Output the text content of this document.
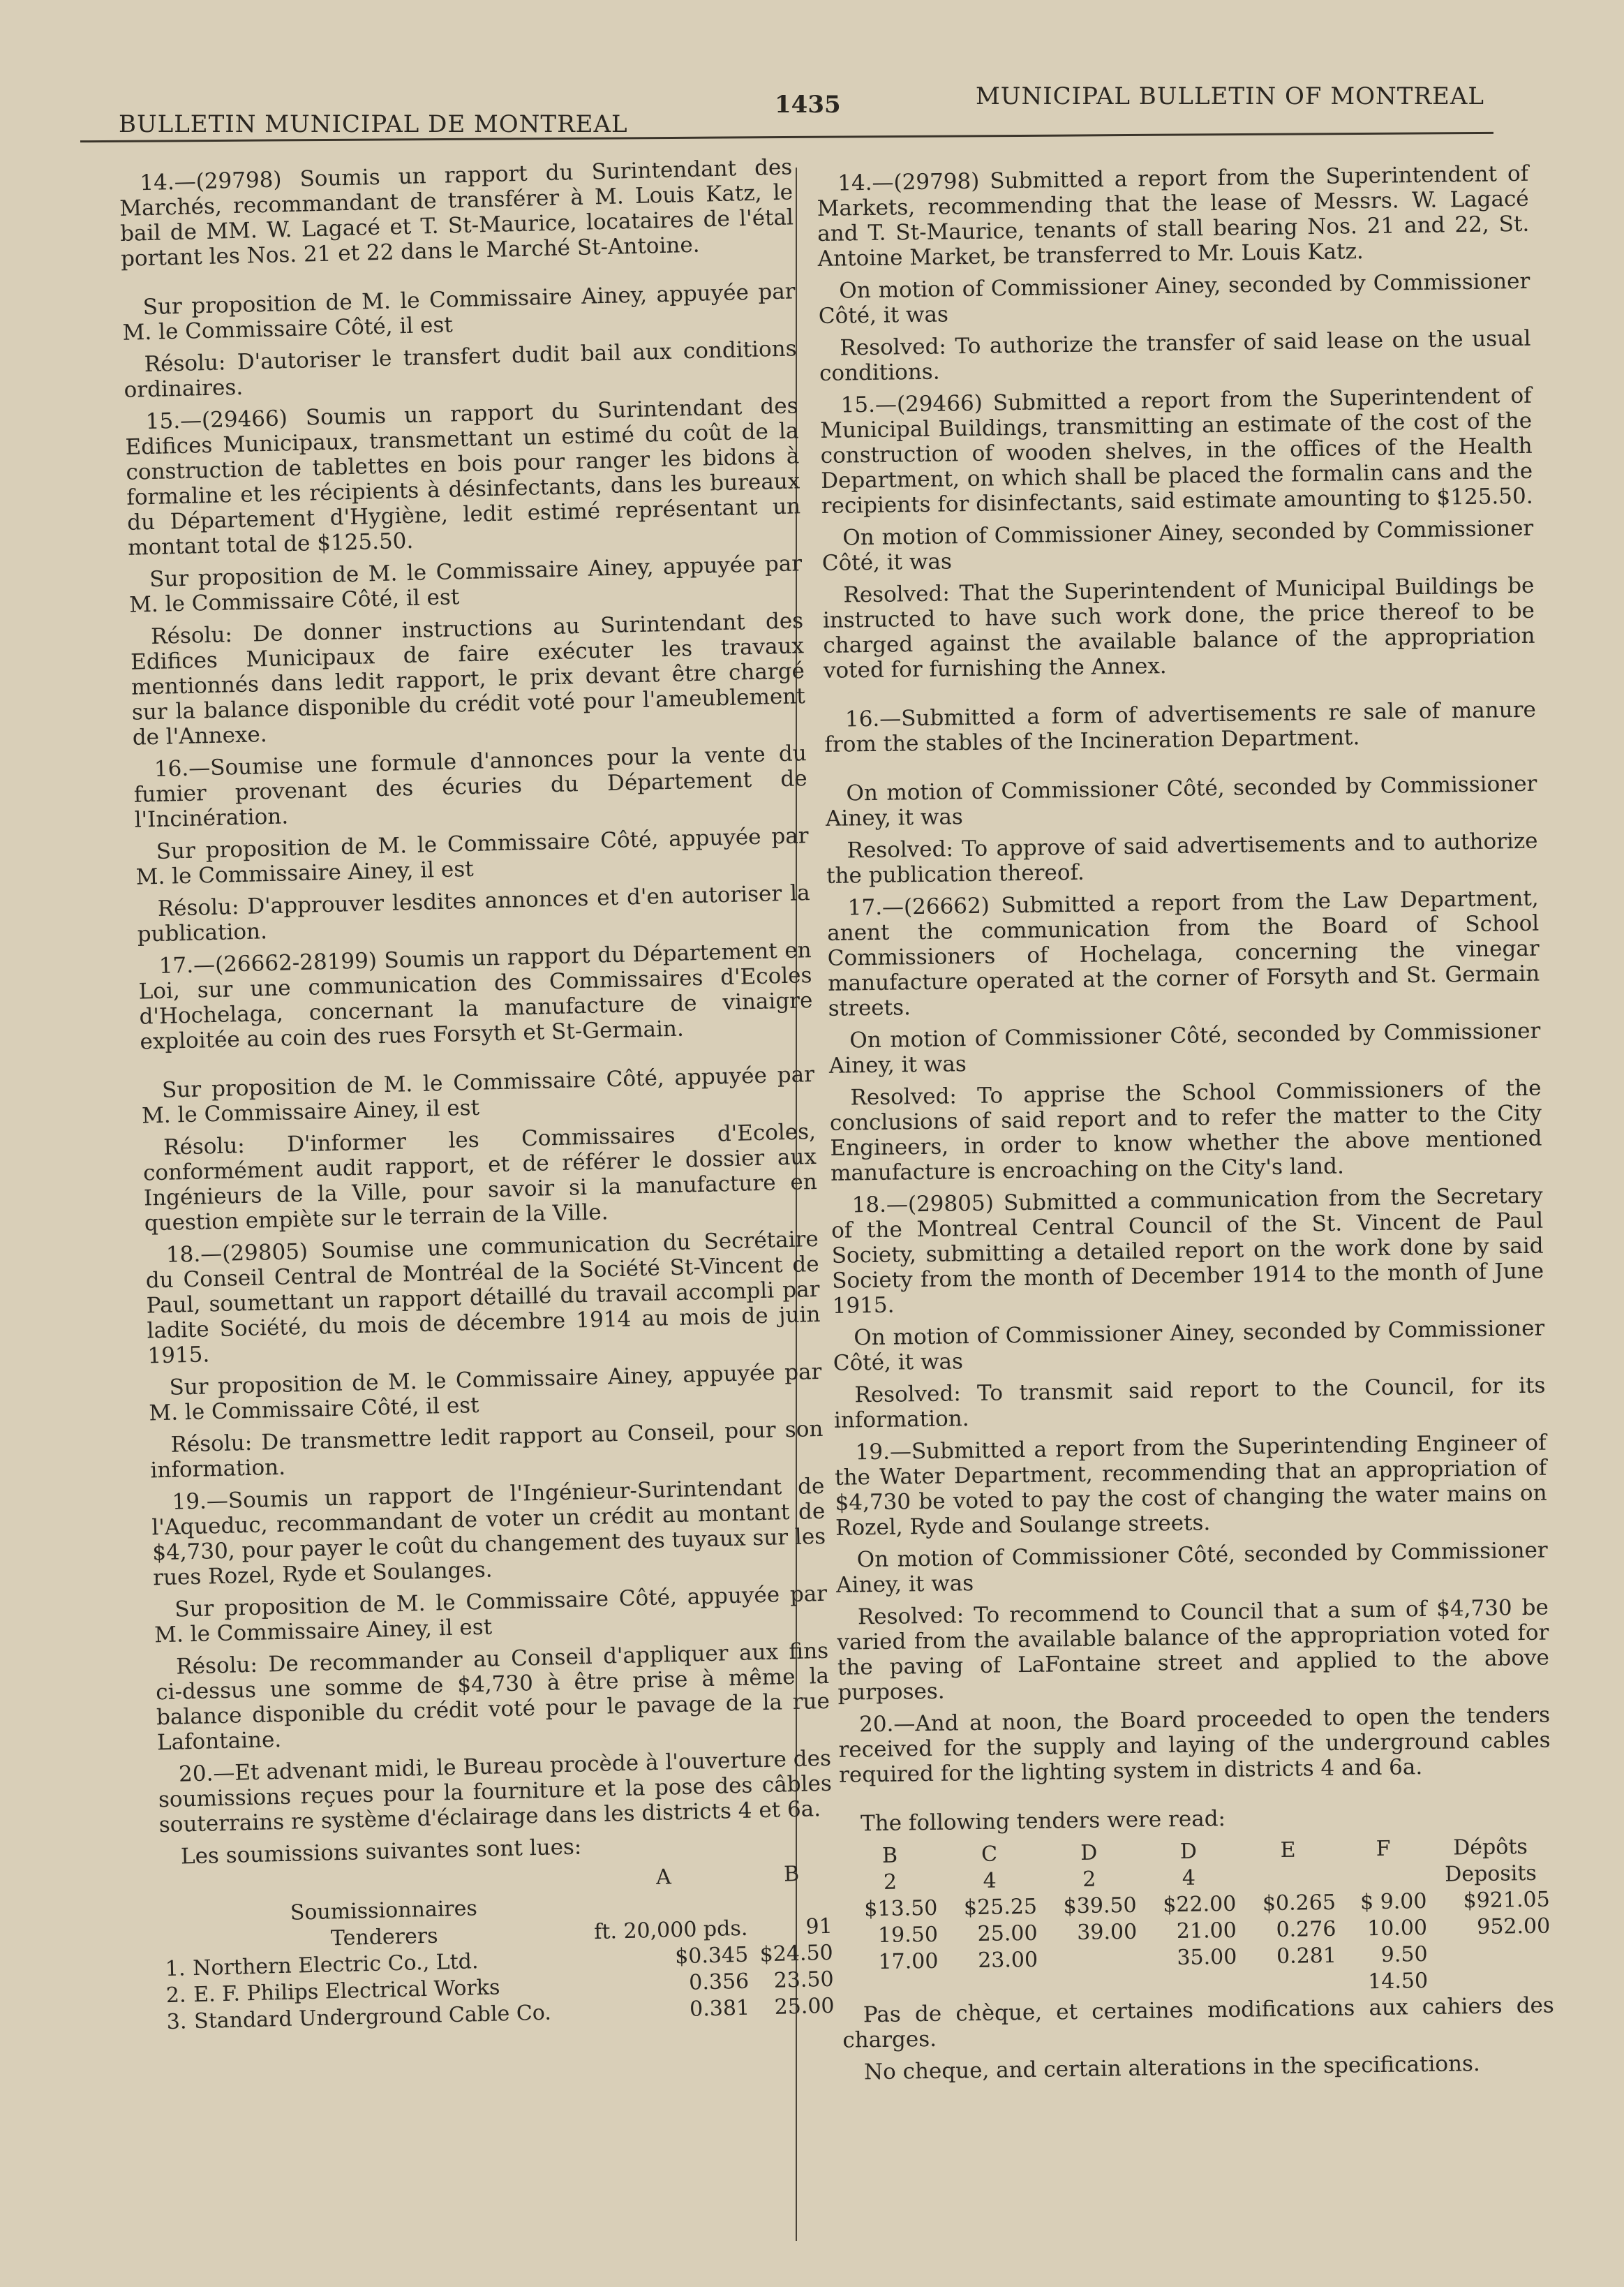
BULLETIN MUNICIPAL DE MONTREAL
1435	MUNICIPAL BULLETIN OF MONTREAL

14.—(29798) Soumis un rapport du Surintendant des Marchés, recommandant de transférer à M. Louis Katz, le bail de MM. W. Lagacé et T. St-Maurice, locataires de l'étal portant les Nos. 21 et 22 dans le Marché St-Antoine.

Sur proposition de M. le Commissaire Ainey, appuyée par M. le Commissaire Côté, il est

Résolu: D'autoriser le transfert dudit bail aux conditions ordinaires.

15.—(29466) Soumis un rapport du Surintendant des Edifices Municipaux, transmettant un estimé du coût de la construction de tablettes en bois pour ranger les bidons à formaline et les récipients à désinfectants, dans les bureaux du Département d'Hygiène, ledit estimé représentant un montant total de $125.50.

Sur proposition de M. le Commissaire Ainey, appuyée par M. le Commissaire Côté, il est

Résolu: De donner instructions au Surintendant des Edifices Municipaux de faire exécuter les travaux mentionnés dans ledit rapport, le prix devant être chargé sur la balance disponible du crédit voté pour l'ameublement de l'Annexe.

16.—Soumise une formule d'annonces pour la vente du fumier provenant des écuries du Département de l'Incinération.

Sur proposition de M. le Commissaire Côté, appuyée par M. le Commissaire Ainey, il est

Résolu: D'approuver lesdites annonces et d'en autoriser la publication.

17.—(26662-28199) Soumis un rapport du Département en Loi, sur une communication des Commissaires d'Ecoles d'Hochelaga, concernant la manufacture de vinaigre exploitée au coin des rues Forsyth et St-Germain.

Sur proposition de M. le Commissaire Côté, appuyée par M. le Commissaire Ainey, il est

Résolu: D'informer les Commissaires d'Ecoles, conformément audit rapport, et de référer le dossier aux Ingénieurs de la Ville, pour savoir si la manufacture en question empiète sur le terrain de la Ville.

18.—(29805) Soumise une communication du Secrétaire du Conseil Central de Montréal de la Société St-Vincent de Paul, soumettant un rapport détaillé du travail accompli par ladite Société, du mois de décembre 1914 au mois de juin 1915.

Sur proposition de M. le Commissaire Ainey, appuyée par M. le Commissaire Côté, il est

Résolu: De transmettre ledit rapport au Conseil, pour son information.

19.—Soumis un rapport de l'Ingénieur-Surintendant de l'Aqueduc, recommandant de voter un crédit au montant de $4,730, pour payer le coût du changement des tuyaux sur les rues Rozel, Ryde et Soulanges.

Sur proposition de M. le Commissaire Côté, appuyée par M. le Commissaire Ainey, il est

Résolu: De recommander au Conseil d'appliquer aux fins ci-dessus une somme de $4,730 à être prise à même la balance disponible du crédit voté pour le pavage de la rue Lafontaine.

20.—Et advenant midi, le Bureau procède à l'ouverture des soumissions reçues pour la fourniture et la pose des câbles souterrains re système d'éclairage dans les districts 4 et 6a.

Les soumissions suivantes sont lues:

		A	B
	Soumissionnaires		
	Tenderers	ft. 20,000 pds.	91
1.	Northern Electric Co., Ltd.	$0.345	$24.50
2.	E. F. Philips Electrical Works	0.356	23.50
3.	Standard Underground Cable Co.	0.381	25.00

14.—(29798) Submitted a report from the Superintendent of Markets, recommending that the lease of Messrs. W. Lagacé and T. St-Maurice, tenants of stall bearing Nos. 21 and 22, St. Antoine Market, be transferred to Mr. Louis Katz.

On motion of Commissioner Ainey, seconded by Commissioner Côté, it was

Resolved: To authorize the transfer of said lease on the usual conditions.

15.—(29466) Submitted a report from the Superintendent of Municipal Buildings, transmitting an estimate of the cost of the construction of wooden shelves, in the offices of the Health Department, on which shall be placed the formalin cans and the recipients for disinfectants, said estimate amounting to $125.50.

On motion of Commissioner Ainey, seconded by Commissioner Côté, it was

Resolved: That the Superintendent of Municipal Buildings be instructed to have such work done, the price thereof to be charged against the available balance of the appropriation voted for furnishing the Annex.

16.—Submitted a form of advertisements re sale of manure from the stables of the Incineration Department.

On motion of Commissioner Côté, seconded by Commissioner Ainey, it was

Resolved: To approve of said advertisements and to authorize the publication thereof.

17.—(26662) Submitted a report from the Law Department, anent the communication from the Board of School Commissioners of Hochelaga, concerning the vinegar manufacture operated at the corner of Forsyth and St. Germain streets.

On motion of Commissioner Côté, seconded by Commissioner Ainey, it was

Resolved: To apprise the School Commissioners of the conclusions of said report and to refer the matter to the City Engineers, in order to know whether the above mentioned manufacture is encroaching on the City's land.

18.—(29805) Submitted a communication from the Secretary of the Montreal Central Council of the St. Vincent de Paul Society, submitting a detailed report on the work done by said Society from the month of December 1914 to the month of June 1915.

On motion of Commissioner Ainey, seconded by Commissioner Côté, it was

Resolved: To transmit said report to the Council, for its information.

19.—Submitted a report from the Superintending Engineer of the Water Department, recommending that an appropriation of $4,730 be voted to pay the cost of changing the water mains on Rozel, Ryde and Soulange streets.

On motion of Commissioner Côté, seconded by Commissioner Ainey, it was

Resolved: To recommend to Council that a sum of $4,730 be varied from the available balance of the appropriation voted for the paving of LaFontaine street and applied to the above purposes.

20.—And at noon, the Board proceeded to open the tenders received for the supply and laying of the underground cables required for the lighting system in districts 4 and 6a.

The following tenders were read:

B	C	D	D	E	F	Dépôts
2	4	2	4			Deposits
$13.50	$25.25	$39.50	$22.00	$0.265	$ 9.00	$921.05
19.50	25.00	39.00	21.00	0.276	10.00	952.00
17.00	23.00		35.00	0.281	9.50	
					14.50	

Pas de chèque, et certaines modifications aux cahiers des charges.

No cheque, and certain alterations in the specifications.
